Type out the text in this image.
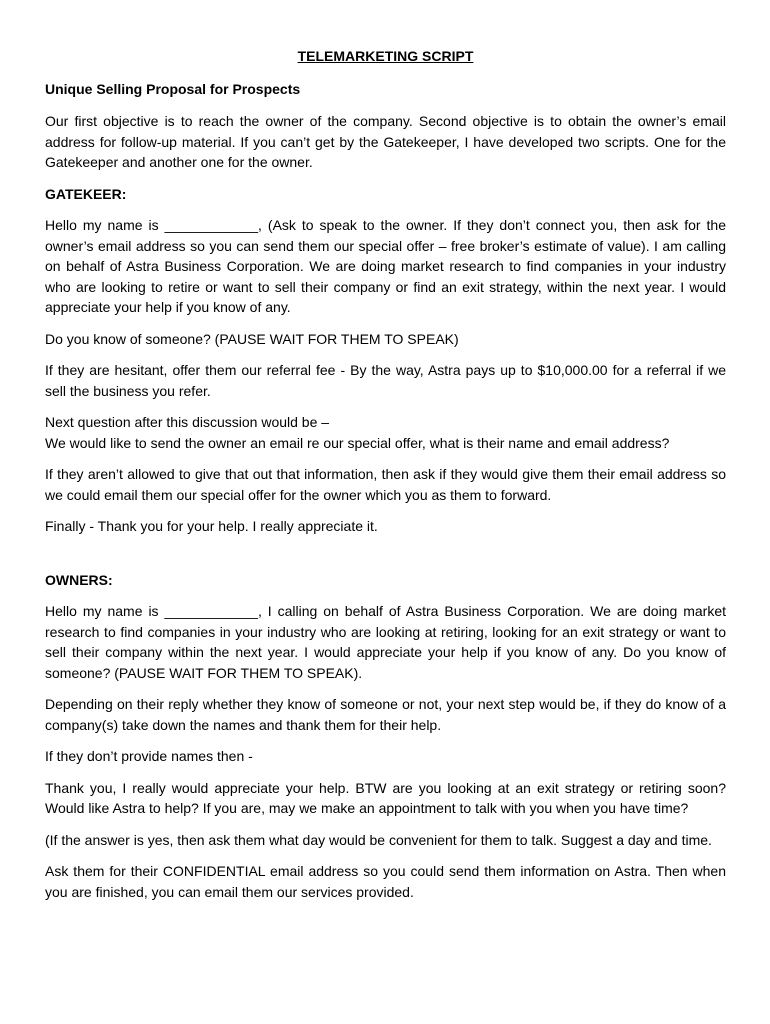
TELEMARKETING SCRIPT

Unique Selling Proposal for Prospects

Our first objective is to reach the owner of the company. Second objective is to obtain the owner’s email address for follow-up material. If you can’t get by the Gatekeeper, I have developed two scripts. One for the Gatekeeper and another one for the owner.

GATEKEER:

Hello my name is ____________, (Ask to speak to the owner. If they don’t connect you, then ask for the owner’s email address so you can send them our special offer – free broker’s estimate of value). I am calling on behalf of Astra Business Corporation. We are doing market research to find companies in your industry who are looking to retire or want to sell their company or find an exit strategy, within the next year. I would appreciate your help if you know of any.

Do you know of someone? (PAUSE WAIT FOR THEM TO SPEAK)

If they are hesitant, offer them our referral fee - By the way, Astra pays up to $10,000.00 for a referral if we sell the business you refer.

Next question after this discussion would be –
We would like to send the owner an email re our special offer, what is their name and email address?

If they aren’t allowed to give that out that information, then ask if they would give them their email address so we could email them our special offer for the owner which you as them to forward.

Finally - Thank you for your help. I really appreciate it.

OWNERS:

Hello my name is ____________, I calling on behalf of Astra Business Corporation. We are doing market research to find companies in your industry who are looking at retiring, looking for an exit strategy or want to sell their company within the next year. I would appreciate your help if you know of any. Do you know of someone? (PAUSE WAIT FOR THEM TO SPEAK).

Depending on their reply whether they know of someone or not, your next step would be, if they do know of a company(s) take down the names and thank them for their help.

If they don’t provide names then -

Thank you, I really would appreciate your help. BTW are you looking at an exit strategy or retiring soon? Would like Astra to help? If you are, may we make an appointment to talk with you when you have time?

(If the answer is yes, then ask them what day would be convenient for them to talk. Suggest a day and time.

Ask them for their CONFIDENTIAL email address so you could send them information on Astra. Then when you are finished, you can email them our services provided.
